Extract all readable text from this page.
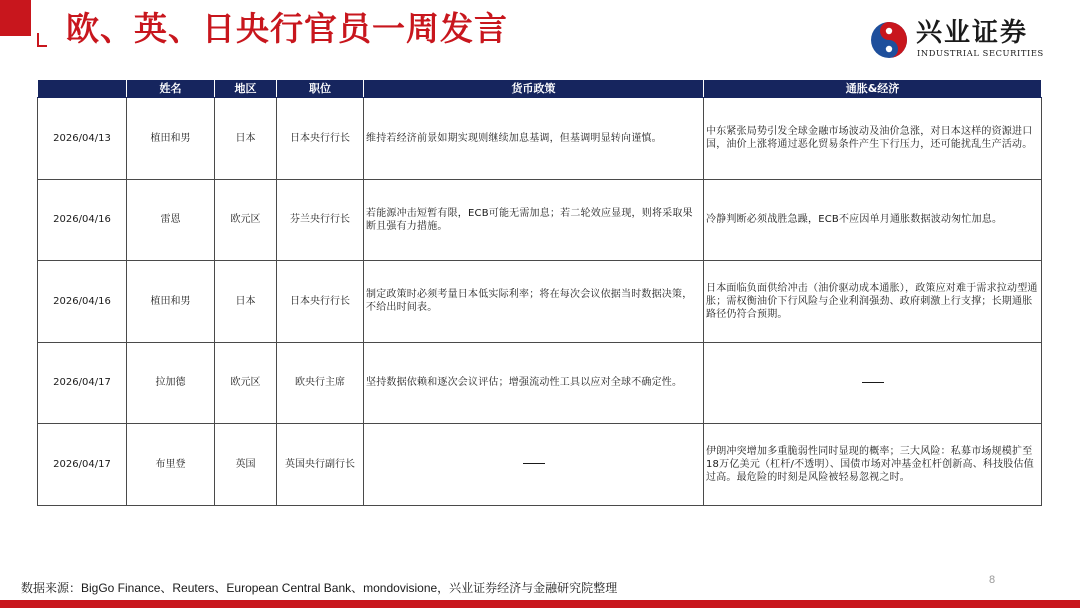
欧、英、日央行官员一周发言	兴业证券
INDUSTRIAL SECURITIES
	姓名	地区	职位	货币政策	通胀&经济
2026/04/13	植田和男	日本	日本央行行长	维持若经济前景如期实现则继续加息基调，但基调明显转向谨慎。	中东紧张局势引发全球金融市场波动及油价急涨，对日本这样的资源进口国，油价上涨将通过恶化贸易条件产生下行压力，还可能扰乱生产活动。
2026/04/16	雷恩	欧元区	芬兰央行行长	若能源冲击短暂有限，ECB可能无需加息；若二轮效应显现，则将采取果断且强有力措施。	冷静判断必须战胜急躁，ECB不应因单月通胀数据波动匆忙加息。
2026/04/16	植田和男	日本	日本央行行长	制定政策时必须考量日本低实际利率；将在每次会议依据当时数据决策，不给出时间表。	日本面临负面供给冲击（油价驱动成本通胀），政策应对难于需求拉动型通胀；需权衡油价下行风险与企业利润强劲、政府刺激上行支撑；长期通胀路径仍符合预期。
2026/04/17	拉加德	欧元区	欧央行主席	坚持数据依赖和逐次会议评估；增强流动性工具以应对全球不确定性。	
2026/04/17	布里登	英国	英国央行副行长		伊朗冲突增加多重脆弱性同时显现的概率；三大风险：私募市场规模扩至18万亿美元（杠杆/不透明）、国债市场对冲基金杠杆创新高、科技股估值过高。最危险的时刻是风险被轻易忽视之时。
数据来源：BigGo Finance、Reuters、European Central Bank、mondovisione，兴业证券经济与金融研究院整理
8
